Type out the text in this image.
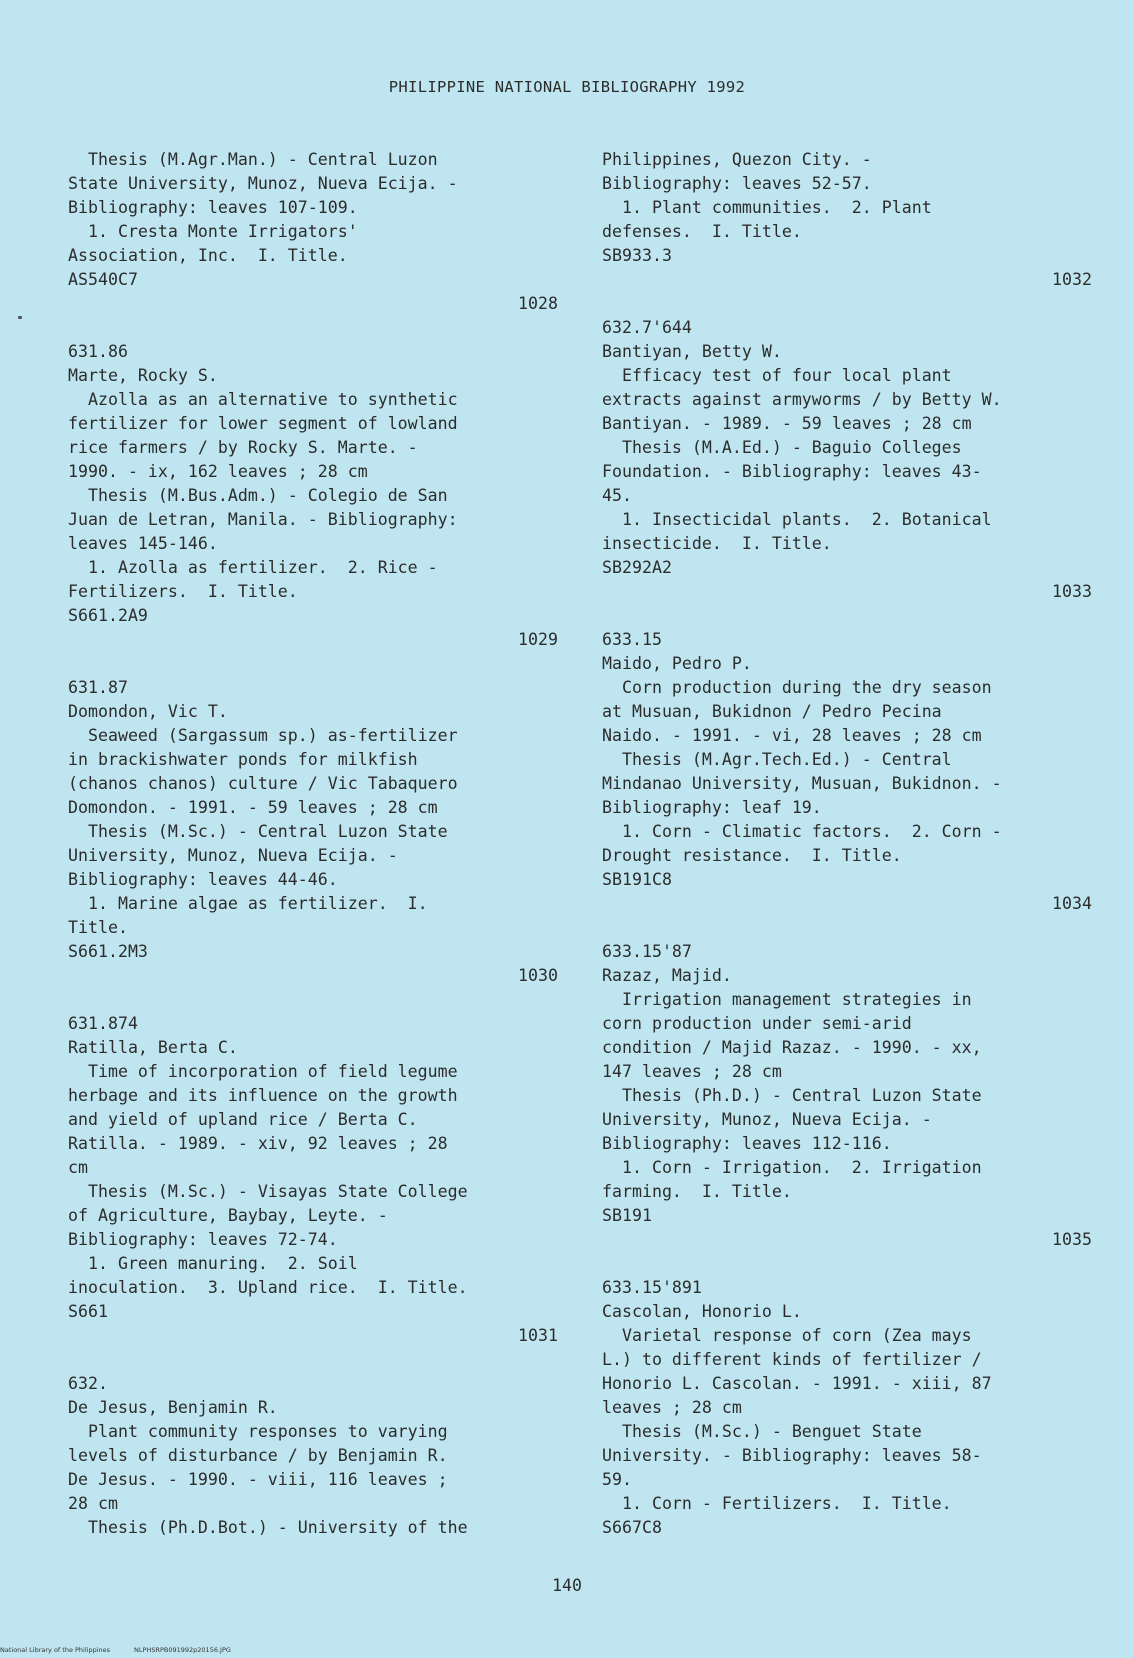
PHILIPPINE NATIONAL BIBLIOGRAPHY 1992
Thesis (M.Agr.Man.) - Central Luzon
State University, Munoz, Nueva Ecija. -
Bibliography: leaves 107-109.
1. Cresta Monte Irrigators'
Association, Inc.  I. Title.
AS540C7
1028
631.86
Marte, Rocky S.
Azolla as an alternative to synthetic
fertilizer for lower segment of lowland
rice farmers / by Rocky S. Marte. -
1990. - ix, 162 leaves ; 28 cm
Thesis (M.Bus.Adm.) - Colegio de San
Juan de Letran, Manila. - Bibliography:
leaves 145-146.
1. Azolla as fertilizer.  2. Rice -
Fertilizers.  I. Title.
S661.2A9
1029
631.87
Domondon, Vic T.
Seaweed (Sargassum sp.) as-fertilizer
in brackishwater ponds for milkfish
(chanos chanos) culture / Vic Tabaquero
Domondon. - 1991. - 59 leaves ; 28 cm
Thesis (M.Sc.) - Central Luzon State
University, Munoz, Nueva Ecija. -
Bibliography: leaves 44-46.
1. Marine algae as fertilizer.  I.
Title.
S661.2M3
1030
631.874
Ratilla, Berta C.
Time of incorporation of field legume
herbage and its influence on the growth
and yield of upland rice / Berta C.
Ratilla. - 1989. - xiv, 92 leaves ; 28
cm
Thesis (M.Sc.) - Visayas State College
of Agriculture, Baybay, Leyte. -
Bibliography: leaves 72-74.
1. Green manuring.  2. Soil
inoculation.  3. Upland rice.  I. Title.
S661
1031
632.
De Jesus, Benjamin R.
Plant community responses to varying
levels of disturbance / by Benjamin R.
De Jesus. - 1990. - viii, 116 leaves ;
28 cm
Thesis (Ph.D.Bot.) - University of the
Philippines, Quezon City. -
Bibliography: leaves 52-57.
1. Plant communities.  2. Plant
defenses.  I. Title.
SB933.3
1032
632.7'644
Bantiyan, Betty W.
Efficacy test of four local plant
extracts against armyworms / by Betty W.
Bantiyan. - 1989. - 59 leaves ; 28 cm
Thesis (M.A.Ed.) - Baguio Colleges
Foundation. - Bibliography: leaves 43-
45.
1. Insecticidal plants.  2. Botanical
insecticide.  I. Title.
SB292A2
1033
633.15
Maido, Pedro P.
Corn production during the dry season
at Musuan, Bukidnon / Pedro Pecina
Naido. - 1991. - vi, 28 leaves ; 28 cm
Thesis (M.Agr.Tech.Ed.) - Central
Mindanao University, Musuan, Bukidnon. -
Bibliography: leaf 19.
1. Corn - Climatic factors.  2. Corn -
Drought resistance.  I. Title.
SB191C8
1034
633.15'87
Razaz, Majid.
Irrigation management strategies in
corn production under semi-arid
condition / Majid Razaz. - 1990. - xx,
147 leaves ; 28 cm
Thesis (Ph.D.) - Central Luzon State
University, Munoz, Nueva Ecija. -
Bibliography: leaves 112-116.
1. Corn - Irrigation.  2. Irrigation
farming.  I. Title.
SB191
1035
633.15'891
Cascolan, Honorio L.
Varietal response of corn (Zea mays
L.) to different kinds of fertilizer /
Honorio L. Cascolan. - 1991. - xiii, 87
leaves ; 28 cm
Thesis (M.Sc.) - Benguet State
University. - Bibliography: leaves 58-
59.
1. Corn - Fertilizers.  I. Title.
S667C8
140
National Library of the Philippines	NLPHSRPB091992p20156.JPG
